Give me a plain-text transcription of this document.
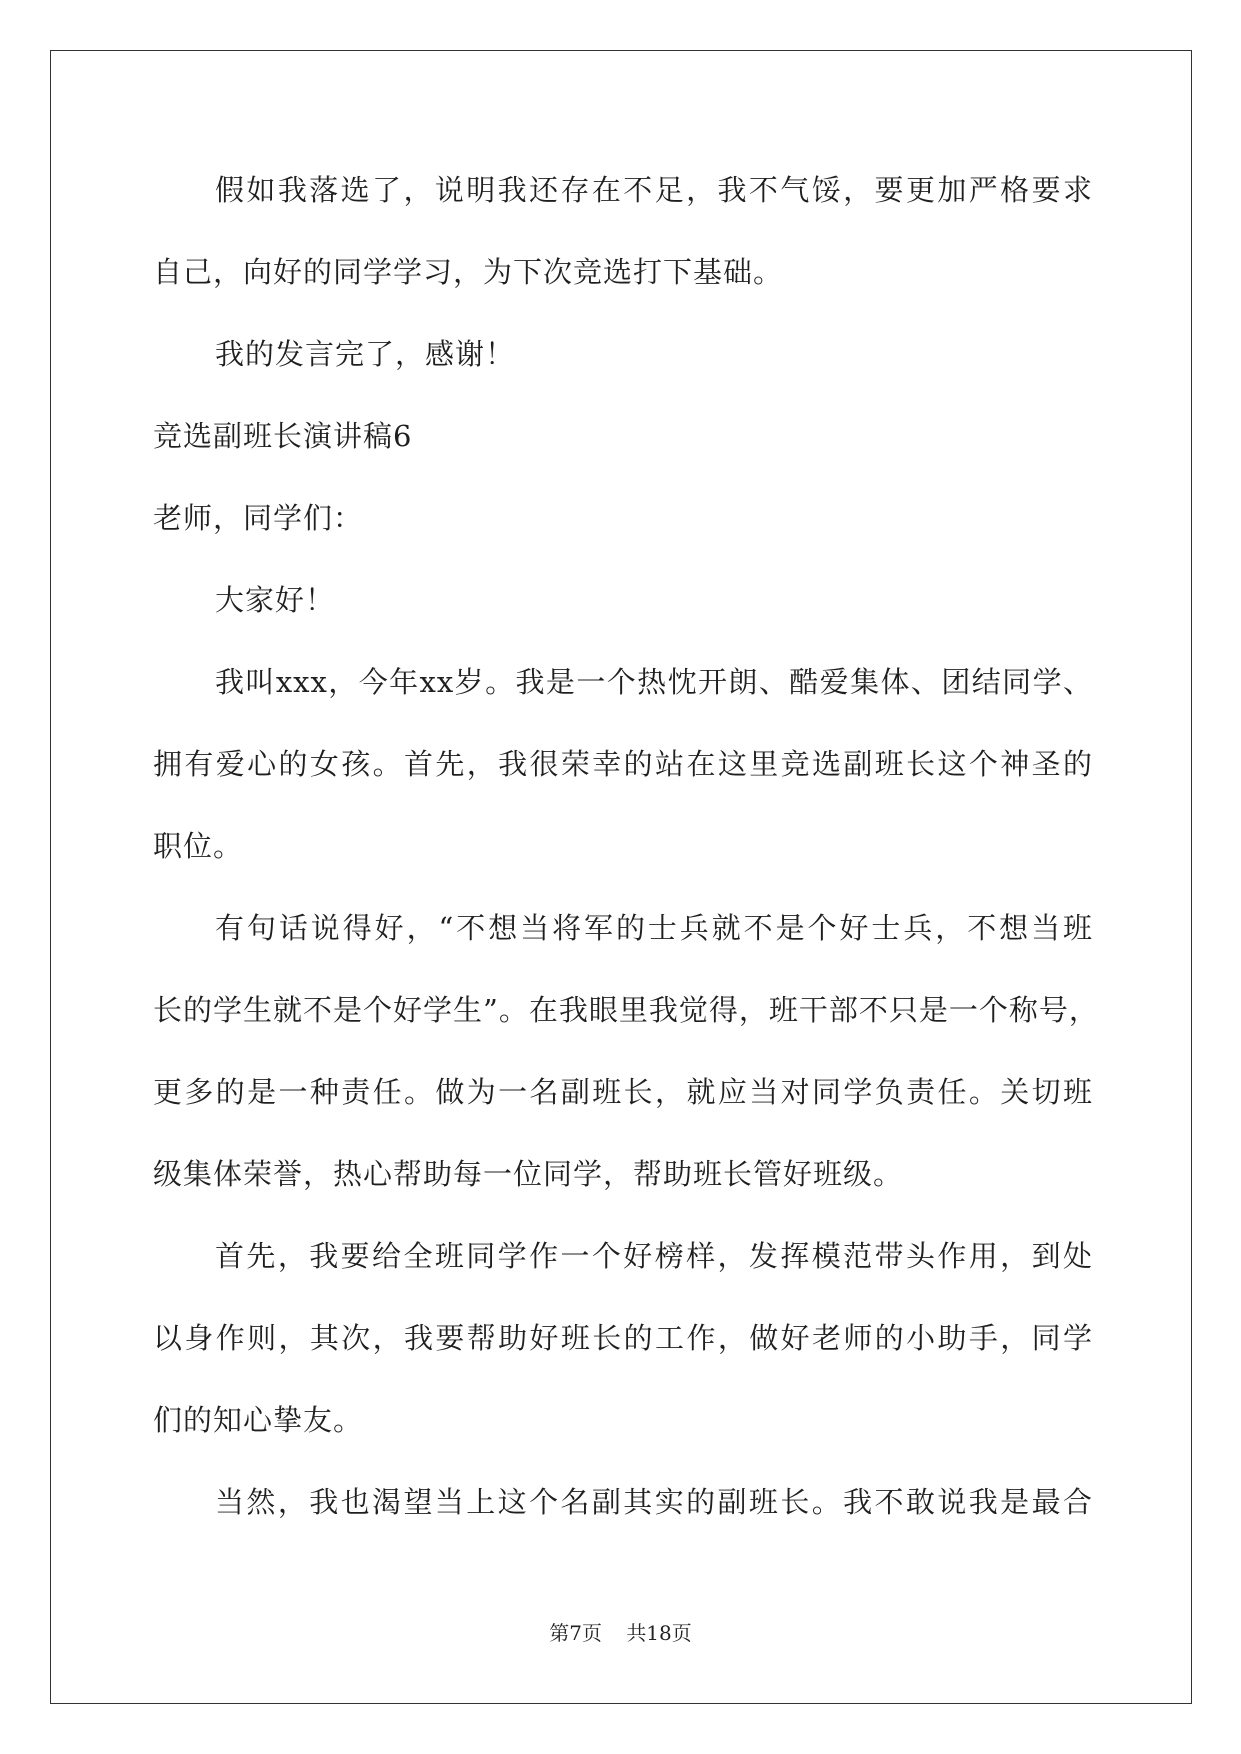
假如我落选了，说明我还存在不足，我不气馁，要更加严格要求
自己，向好的同学学习，为下次竞选打下基础。
我的发言完了，感谢！
竞选副班长演讲稿6
老师，同学们：
大家好！
我叫xxx，今年xx岁。我是一个热忱开朗、酷爱集体、团结同学、
拥有爱心的女孩。首先，我很荣幸的站在这里竞选副班长这个神圣的
职位。
有句话说得好，“不想当将军的士兵就不是个好士兵，不想当班
长的学生就不是个好学生”。在我眼里我觉得，班干部不只是一个称号，
更多的是一种责任。做为一名副班长，就应当对同学负责任。关切班
级集体荣誉，热心帮助每一位同学，帮助班长管好班级。
首先，我要给全班同学作一个好榜样，发挥模范带头作用，到处
以身作则，其次，我要帮助好班长的工作，做好老师的小助手，同学
们的知心挚友。
当然，我也渴望当上这个名副其实的副班长。我不敢说我是最合
第7页 共18页
